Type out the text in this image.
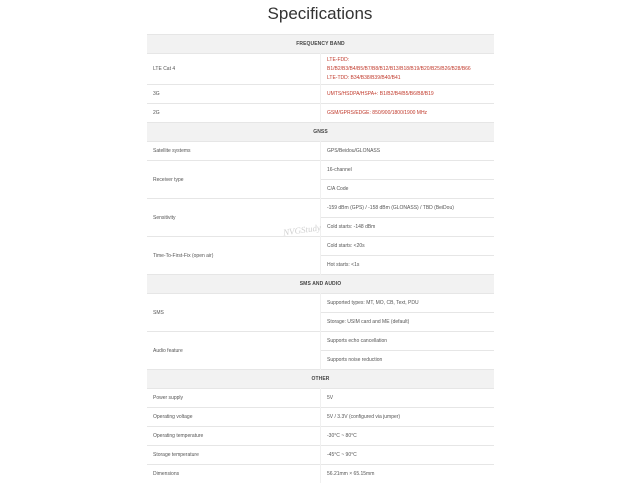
Specifications
FREQUENCY BAND	
LTE Cat 4	LTE-FDD: B1/B2/B3/B4/B5/B7/B8/B12/B13/B18/B19/B20/B25/B26/B28/B66
LTE-TDD: B34/B38/B39/B40/B41

3G	UMTS/HSDPA/HSPA+: B1/B2/B4/B5/B6/B8/B19
2G	GSM/GPRS/EDGE: 850/900/1800/1900 MHz
GNSS	
Satellite systems	GPS/Beidou/GLONASS
Receiver type	16-channel
	C/A Code
Sensitivity	-159 dBm (GPS) / -158 dBm (GLONASS) / TBD (BeiDou)
	Cold starts: -148 dBm
Time-To-First-Fix (open air)	Cold starts: <20s
	Hot starts: <1s
SMS AND AUDIO	
SMS	Supported types: MT, MO, CB, Text, PDU
	Storage: USIM card and ME (default)
Audio feature	Supports echo cancellation
	Supports noise reduction
OTHER	
Power supply	5V
Operating voltage	5V / 3.3V (configured via jumper)
Operating temperature	-30°C ~ 80°C
Storage temperature	-45°C ~ 90°C
Dimensions	56.21mm × 65.15mm
NVGStudy
